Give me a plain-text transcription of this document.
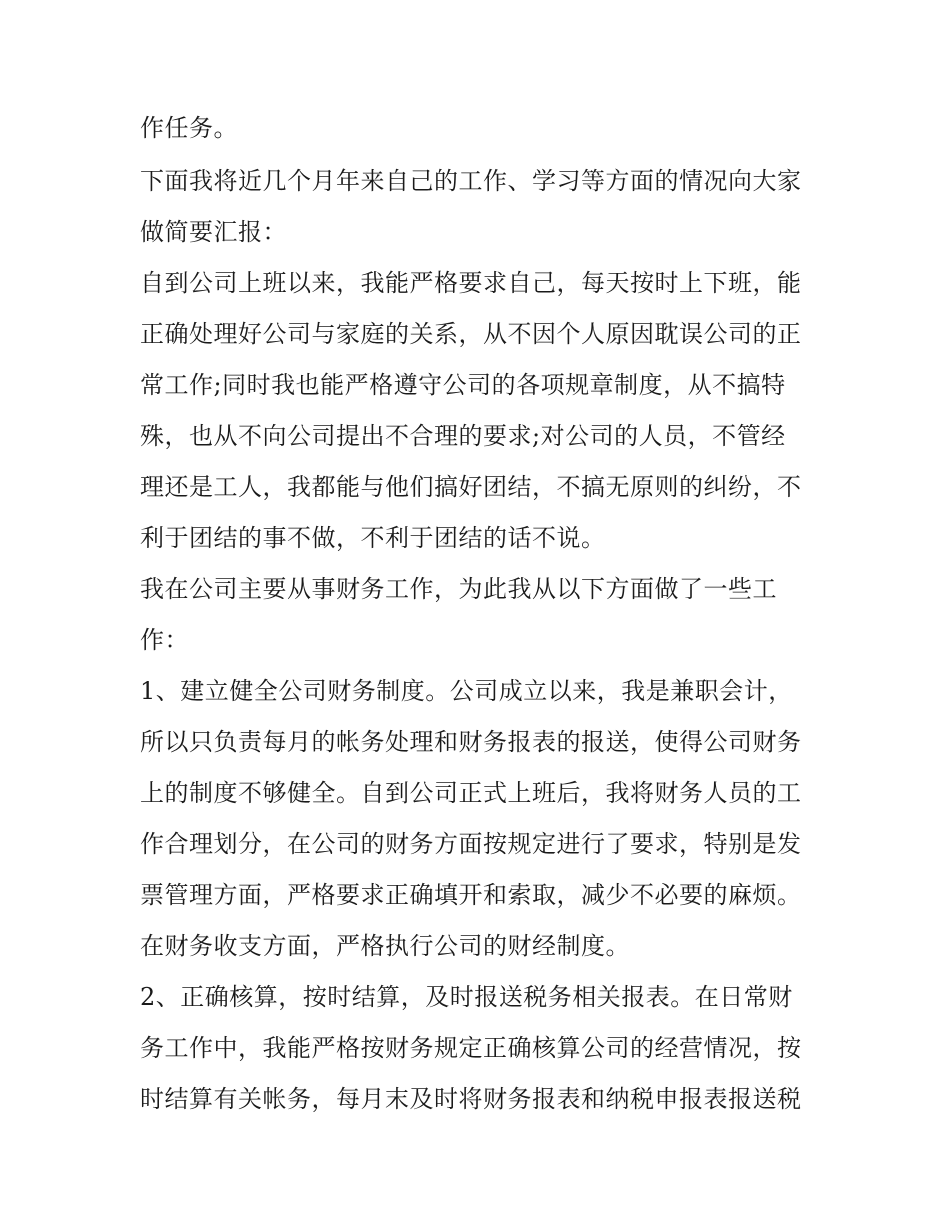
作任务。
下面我将近几个月年来自己的工作、学习等方面的情况向大家
做简要汇报：
自到公司上班以来，我能严格要求自己，每天按时上下班，能
正确处理好公司与家庭的关系，从不因个人原因耽误公司的正
常工作;同时我也能严格遵守公司的各项规章制度，从不搞特
殊，也从不向公司提出不合理的要求;对公司的人员，不管经
理还是工人，我都能与他们搞好团结，不搞无原则的纠纷，不
利于团结的事不做，不利于团结的话不说。
我在公司主要从事财务工作，为此我从以下方面做了一些工
作：
1、建立健全公司财务制度。公司成立以来，我是兼职会计，
所以只负责每月的帐务处理和财务报表的报送，使得公司财务
上的制度不够健全。自到公司正式上班后，我将财务人员的工
作合理划分，在公司的财务方面按规定进行了要求，特别是发
票管理方面，严格要求正确填开和索取，减少不必要的麻烦。
在财务收支方面，严格执行公司的财经制度。
2、正确核算，按时结算，及时报送税务相关报表。在日常财
务工作中，我能严格按财务规定正确核算公司的经营情况，按
时结算有关帐务，每月末及时将财务报表和纳税申报表报送税
